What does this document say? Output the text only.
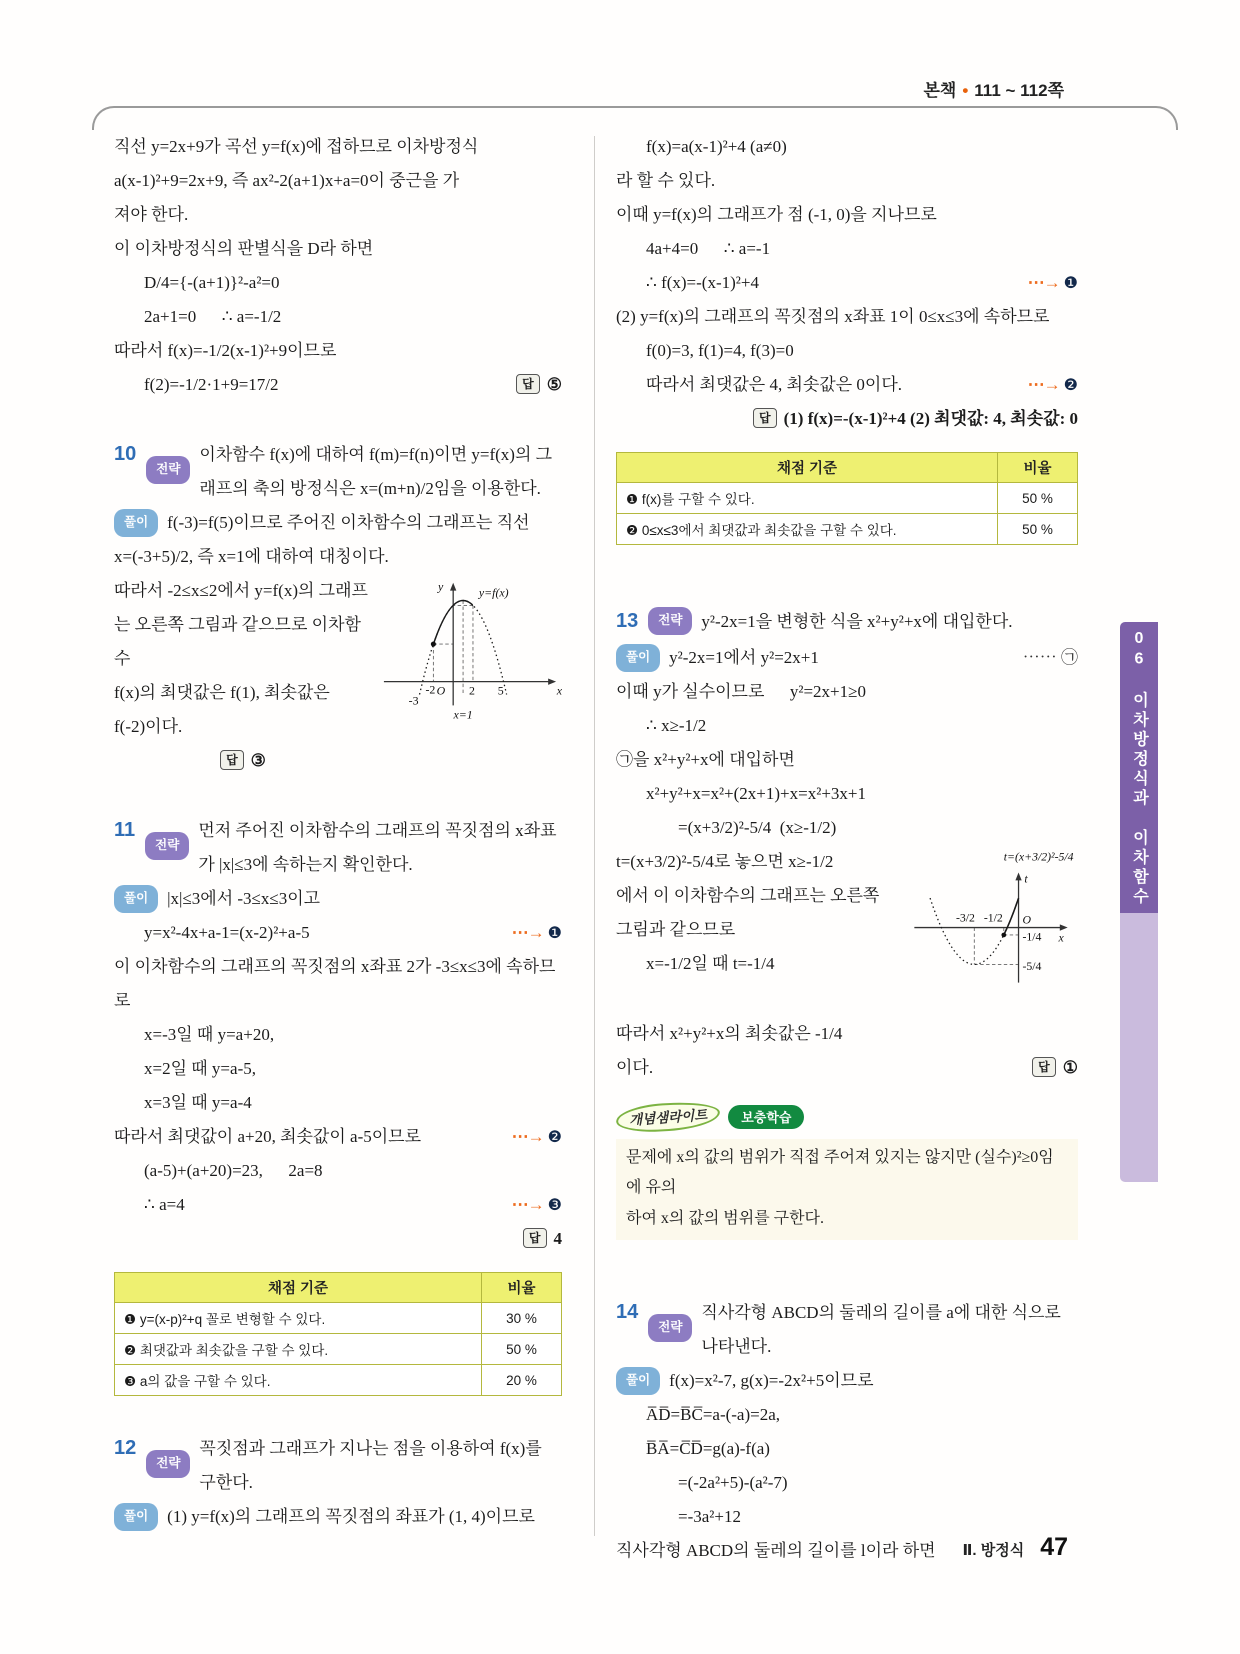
본책 • 111 ~ 112쪽
06 이차방정식과 이차함수
직선 y=2x+9가 곡선 y=f(x)에 접하므로 이차방정식
a(x-1)²+9=2x+9, 즉 ax²-2(a+1)x+a=0이 중근을 가
져야 한다.
이 이차방정식의 판별식을 D라 하면
D/4={-(a+1)}²-a²=0
2a+1=0      ∴ a=-1/2
따라서 f(x)=-1/2(x-1)²+9이므로
f(2)=-1/2·1+9=17/2	답 ⑤

10
전략
이차함수 f(x)에 대하여 f(m)=f(n)이면 y=f(x)의 그래프의 축의 방정식은 x=(m+n)/2임을 이용한다.

풀이	f(-3)=f(5)이므로 주어진 이차함수의 그래프는 직선

x=(-3+5)/2, 즉 x=1에 대하여 대칭이다.
따라서 -2≤x≤2에서 y=f(x)의 그래프
는 오른쪽 그림과 같으므로 이차함수
f(x)의 최댓값은 f(1), 최솟값은
f(-2)이다.
답 ③
y	y=f(x)
O
-3
-2	2 5	x
x=1

11
전략
먼저 주어진 이차함수의 그래프의 꼭짓점의 x좌표가 |x|≤3에 속하는지 확인한다.

풀이	|x|≤3에서 -3≤x≤3이고

y=x²-4x+a-1=(x-2)²+a-5	⋯→ ❶
이 이차함수의 그래프의 꼭짓점의 x좌표 2가 -3≤x≤3에 속하므로
x=-3일 때 y=a+20,
x=2일 때 y=a-5,
x=3일 때 y=a-4
따라서 최댓값이 a+20, 최솟값이 a-5이므로	⋯→ ❷
(a-5)+(a+20)=23,      2a=8
∴ a=4	⋯→ ❸
답 4
채점 기준	비율
❶ y=(x-p)²+q 꼴로 변형할 수 있다.	30 %
❷ 최댓값과 최솟값을 구할 수 있다.	50 %
❸ a의 값을 구할 수 있다.	20 %

12
전략
꼭짓점과 그래프가 지나는 점을 이용하여 f(x)를 구한다.

풀이	(1) y=f(x)의 그래프의 꼭짓점의 좌표가 (1, 4)이므로

f(x)=a(x-1)²+4 (a≠0)
라 할 수 있다.
이때 y=f(x)의 그래프가 점 (-1, 0)을 지나므로
4a+4=0      ∴ a=-1
∴ f(x)=-(x-1)²+4	⋯→ ❶
(2) y=f(x)의 그래프의 꼭짓점의 x좌표 1이 0≤x≤3에 속하므로
f(0)=3, f(1)=4, f(3)=0
따라서 최댓값은 4, 최솟값은 0이다.	⋯→ ❷
답 (1) f(x)=-(x-1)²+4 (2) 최댓값: 4, 최솟값: 0
채점 기준	비율
❶ f(x)를 구할 수 있다.	50 %
❷ 0≤x≤3에서 최댓값과 최솟값을 구할 수 있다.	50 %

13	전략	y²-2x=1을 변형한 식을 x²+y²+x에 대입한다.

풀이	y²-2x=1에서 y²=2x+1	⋯⋯ ㉠

이때 y가 실수이므로      y²=2x+1≥0
∴ x≥-1/2
㉠을 x²+y²+x에 대입하면
x²+y²+x=x²+(2x+1)+x=x²+3x+1
=(x+3/2)²-5/4  (x≥-1/2)
t=(x+3/2)²-5/4로 놓으면 x≥-1/2
에서 이 이차함수의 그래프는 오른쪽
그림과 같으므로
x=-1/2일 때 t=-1/4
t=(x+3/2)²-5/4
-3/2 -1/2 O
x
t
-1/4
-5/4
따라서 x²+y²+x의 최솟값은 -1/4
이다.	답 ①
개념샘라이트	보충학습
문제에 x의 값의 범위가 직접 주어져 있지는 않지만 (실수)²≥0임에 유의
하여 x의 값의 범위를 구한다.

14
전략
직사각형 ABCD의 둘레의 길이를 a에 대한 식으로 나타낸다.

풀이	f(x)=x²-7, g(x)=-2x²+5이므로

A̅D̅=B̅C̅=a-(-a)=2a,
B̅A̅=C̅D̅=g(a)-f(a)
=(-2a²+5)-(a²-7)
=-3a²+12
직사각형 ABCD의 둘레의 길이를 l이라 하면 Ⅱ. 방정식 47
